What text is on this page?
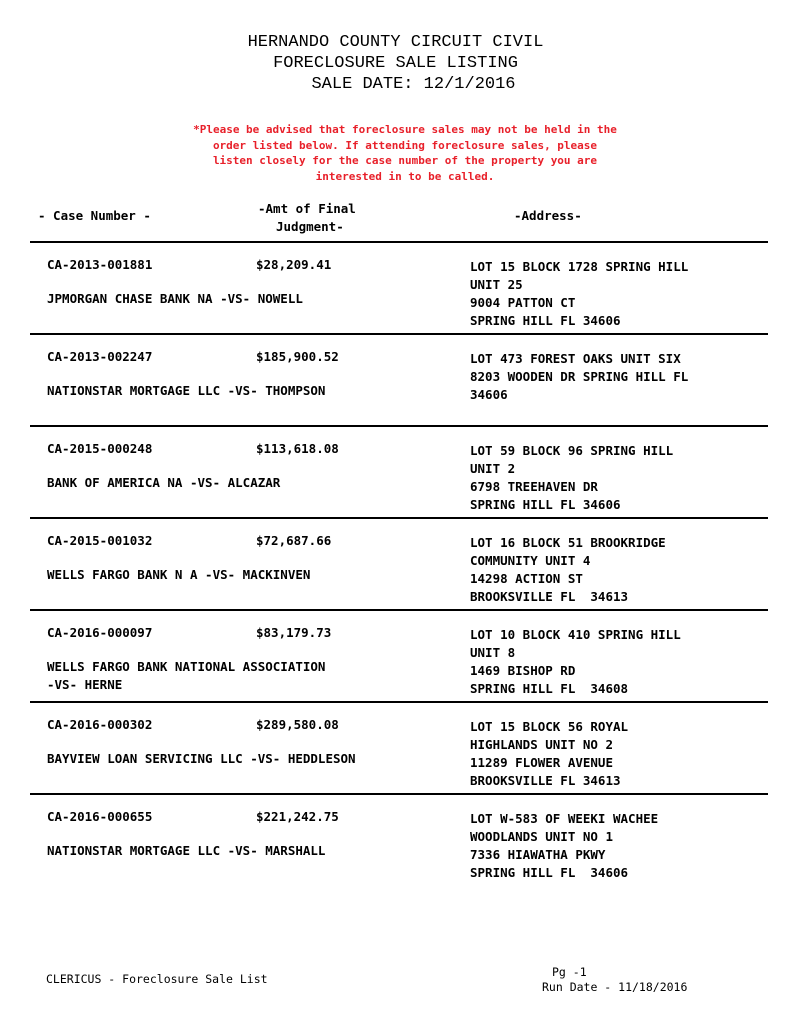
HERNANDO COUNTY CIRCUIT CIVIL
FORECLOSURE SALE LISTING
SALE DATE: 12/1/2016
*Please be advised that foreclosure sales may not be held in the order listed below. If attending foreclosure sales, please listen closely for the case number of the property you are interested in to be called.
- Case Number -	-Amt of Final
Judgment-
-Address-
CA-2013-001881	$28,209.41
JPMORGAN CHASE BANK NA -VS- NOWELL
LOT 15 BLOCK 1728 SPRING HILL
UNIT 25
9004 PATTON CT
SPRING HILL FL 34606
CA-2013-002247	$185,900.52
NATIONSTAR MORTGAGE LLC -VS- THOMPSON
LOT 473 FOREST OAKS UNIT SIX
8203 WOODEN DR SPRING HILL FL
34606
CA-2015-000248	$113,618.08
BANK OF AMERICA NA -VS- ALCAZAR
LOT 59 BLOCK 96 SPRING HILL
UNIT 2
6798 TREEHAVEN DR
SPRING HILL FL 34606
CA-2015-001032	$72,687.66
WELLS FARGO BANK N A -VS- MACKINVEN
LOT 16 BLOCK 51 BROOKRIDGE
COMMUNITY UNIT 4
14298 ACTION ST
BROOKSVILLE FL  34613
CA-2016-000097	$83,179.73
WELLS FARGO BANK NATIONAL ASSOCIATION
-VS- HERNE
LOT 10 BLOCK 410 SPRING HILL
UNIT 8
1469 BISHOP RD
SPRING HILL FL  34608
CA-2016-000302	$289,580.08
BAYVIEW LOAN SERVICING LLC -VS- HEDDLESON
LOT 15 BLOCK 56 ROYAL
HIGHLANDS UNIT NO 2
11289 FLOWER AVENUE
BROOKSVILLE FL 34613
CA-2016-000655	$221,242.75
NATIONSTAR MORTGAGE LLC -VS- MARSHALL
LOT W-583 OF WEEKI WACHEE
WOODLANDS UNIT NO 1
7336 HIAWATHA PKWY
SPRING HILL FL  34606
CLERICUS - Foreclosure Sale List	Pg -1
Run Date - 11/18/2016
